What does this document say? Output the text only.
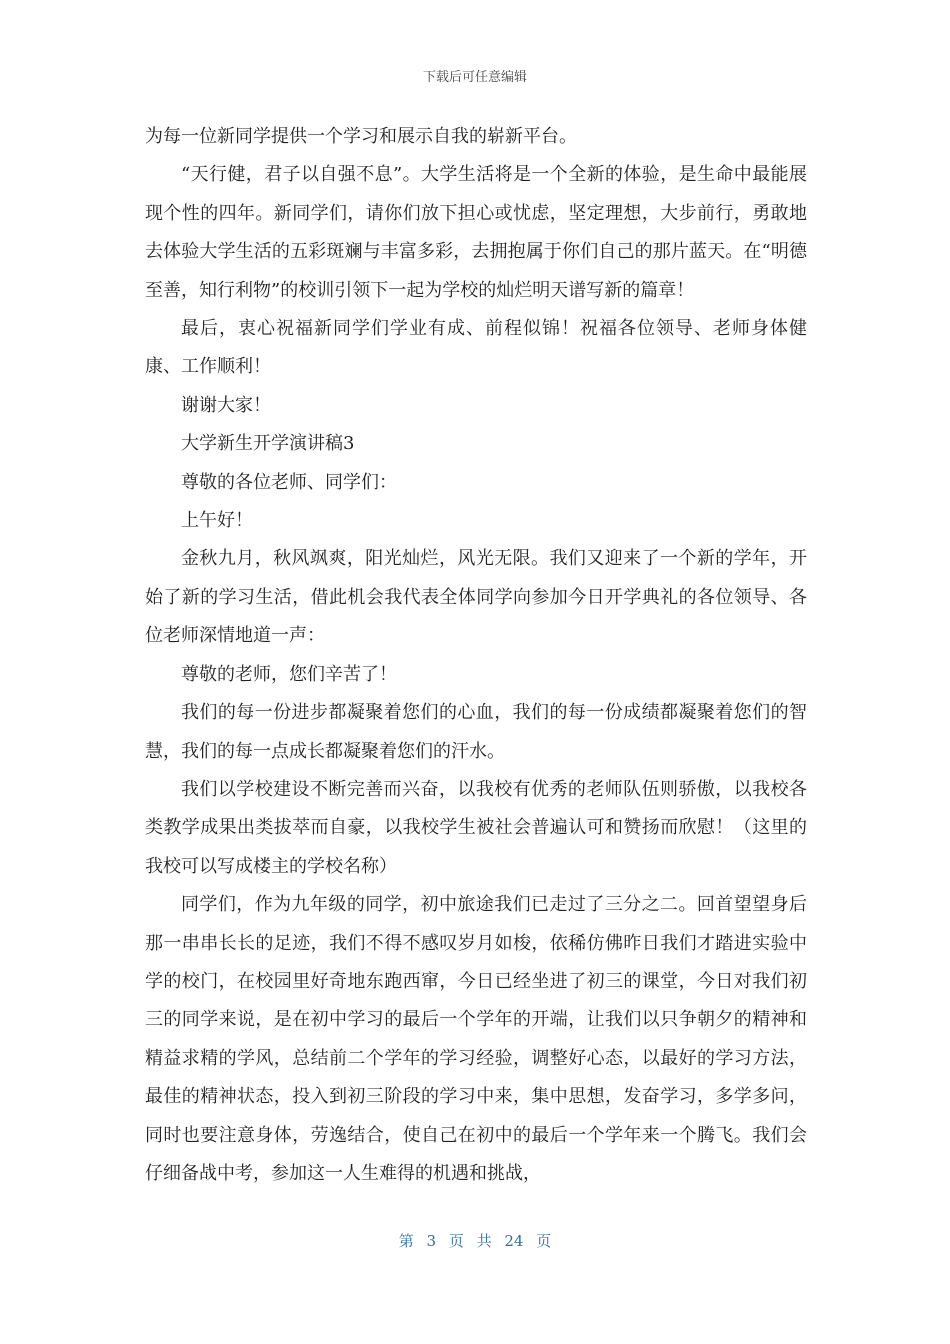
下载后可任意编辑

为每一位新同学提供一个学习和展示自我的崭新平台。

“天行健，君子以自强不息”。大学生活将是一个全新的体验，是生命中最能展现个性的四年。新同学们，请你们放下担心或忧虑，坚定理想，大步前行，勇敢地去体验大学生活的五彩斑斓与丰富多彩，去拥抱属于你们自己的那片蓝天。在“明德至善，知行利物”的校训引领下一起为学校的灿烂明天谱写新的篇章！

最后，衷心祝福新同学们学业有成、前程似锦！祝福各位领导、老师身体健康、工作顺利！

谢谢大家！

大学新生开学演讲稿3

尊敬的各位老师、同学们：

上午好！

金秋九月，秋风飒爽，阳光灿烂，风光无限。我们又迎来了一个新的学年，开始了新的学习生活，借此机会我代表全体同学向参加今日开学典礼的各位领导、各位老师深情地道一声：

尊敬的老师，您们辛苦了！

我们的每一份进步都凝聚着您们的心血，我们的每一份成绩都凝聚着您们的智慧，我们的每一点成长都凝聚着您们的汗水。

我们以学校建设不断完善而兴奋，以我校有优秀的老师队伍则骄傲，以我校各类教学成果出类拔萃而自豪，以我校学生被社会普遍认可和赞扬而欣慰！（这里的我校可以写成楼主的学校名称）

同学们，作为九年级的同学，初中旅途我们已走过了三分之二。回首望望身后那一串串长长的足迹，我们不得不感叹岁月如梭，依稀仿佛昨日我们才踏进实验中学的校门，在校园里好奇地东跑西窜，今日已经坐进了初三的课堂，今日对我们初三的同学来说，是在初中学习的最后一个学年的开端，让我们以只争朝夕的精神和精益求精的学风，总结前二个学年的学习经验，调整好心态，以最好的学习方法，最佳的精神状态，投入到初三阶段的学习中来，集中思想，发奋学习，多学多问，同时也要注意身体，劳逸结合，使自己在初中的最后一个学年来一个腾飞。我们会仔细备战中考，参加这一人生难得的机遇和挑战，

第 3 页 共 24 页
